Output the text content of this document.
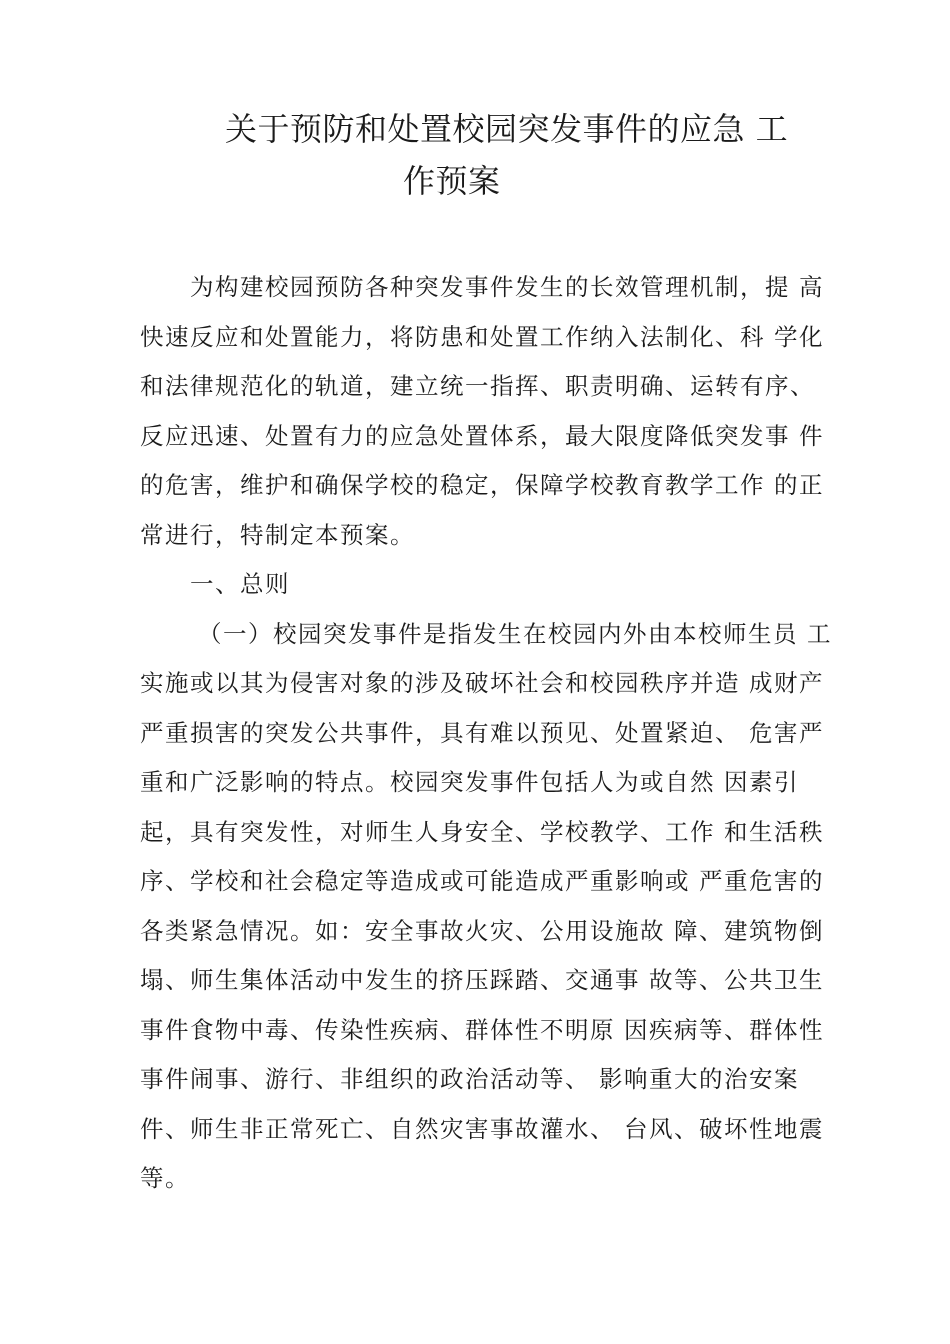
关于预防和处置校园突发事件的应急 工
作预案
为构建校园预防各种突发事件发生的长效管理机制，提 高
快速反应和处置能力，将防患和处置工作纳入法制化、科 学化
和法律规范化的轨道，建立统一指挥、职责明确、运转有序、
反应迅速、处置有力的应急处置体系，最大限度降低突发事 件
的危害，维护和确保学校的稳定，保障学校教育教学工作 的正
常进行，特制定本预案。
一、总则
（一）校园突发事件是指发生在校园内外由本校师生员 工
实施或以其为侵害对象的涉及破坏社会和校园秩序并造 成财产
严重损害的突发公共事件，具有难以预见、处置紧迫、 危害严
重和广泛影响的特点。校园突发事件包括人为或自然 因素引
起，具有突发性，对师生人身安全、学校教学、工作 和生活秩
序、学校和社会稳定等造成或可能造成严重影响或 严重危害的
各类紧急情况。如：安全事故火灾、公用设施故 障、建筑物倒
塌、师生集体活动中发生的挤压踩踏、交通事 故等、公共卫生
事件食物中毒、传染性疾病、群体性不明原 因疾病等、群体性
事件闹事、游行、非组织的政治活动等、 影响重大的治安案
件、师生非正常死亡、自然灾害事故灌水、 台风、破坏性地震
等。
